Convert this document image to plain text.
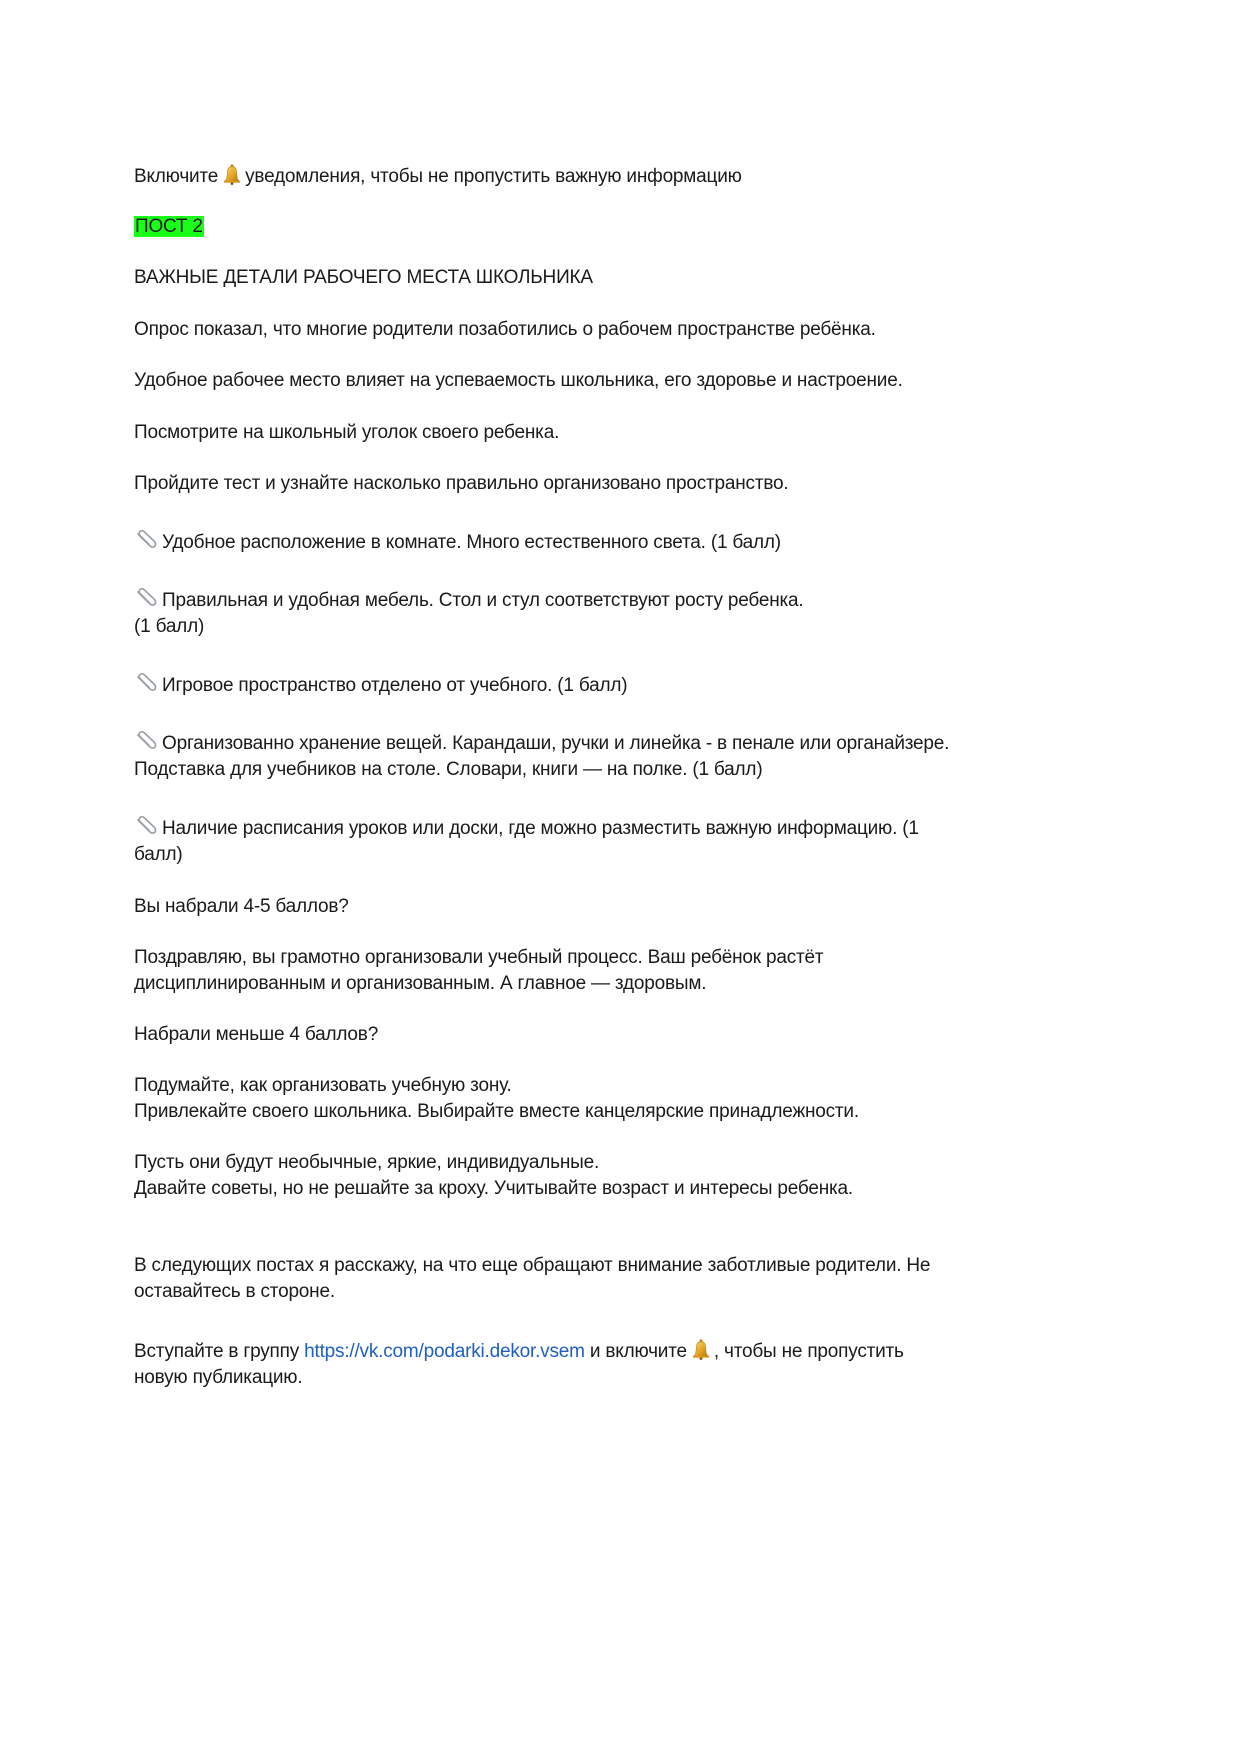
Включите уведомления, чтобы не пропустить важную информацию
ПОСТ 2
ВАЖНЫЕ ДЕТАЛИ РАБОЧЕГО МЕСТА ШКОЛЬНИКА
Опрос показал, что многие родители позаботились о рабочем пространстве ребёнка.
Удобное рабочее место влияет на успеваемость школьника, его здоровье и настроение.
Посмотрите на школьный уголок своего ребенка.
Пройдите тест и узнайте насколько правильно организовано пространство.
Удобное расположение в комнате. Много естественного света. (1 балл)
Правильная и удобная мебель. Стол и стул соответствуют росту ребенка.
(1 балл)
Игровое пространство отделено от учебного. (1 балл)
Организованно хранение вещей. Карандаши, ручки и линейка - в пенале или органайзере.
Подставка для учебников на столе. Словари, книги — на полке. (1 балл)
Наличие расписания уроков или доски, где можно разместить важную информацию. (1
балл)
Вы набрали 4-5 баллов?
Поздравляю, вы грамотно организовали учебный процесс. Ваш ребёнок растёт
дисциплинированным и организованным. А главное — здоровым.
Набрали меньше 4 баллов?
Подумайте, как организовать учебную зону.
Привлекайте своего школьника. Выбирайте вместе канцелярские принадлежности.
Пусть они будут необычные, яркие, индивидуальные.
Давайте советы, но не решайте за кроху. Учитывайте возраст и интересы ребенка.
В следующих постах я расскажу, на что еще обращают внимание заботливые родители. Не
оставайтесь в стороне.
Вступайте в группу https://vk.com/podarki.dekor.vsem и включите , чтобы не пропустить
новую публикацию.
